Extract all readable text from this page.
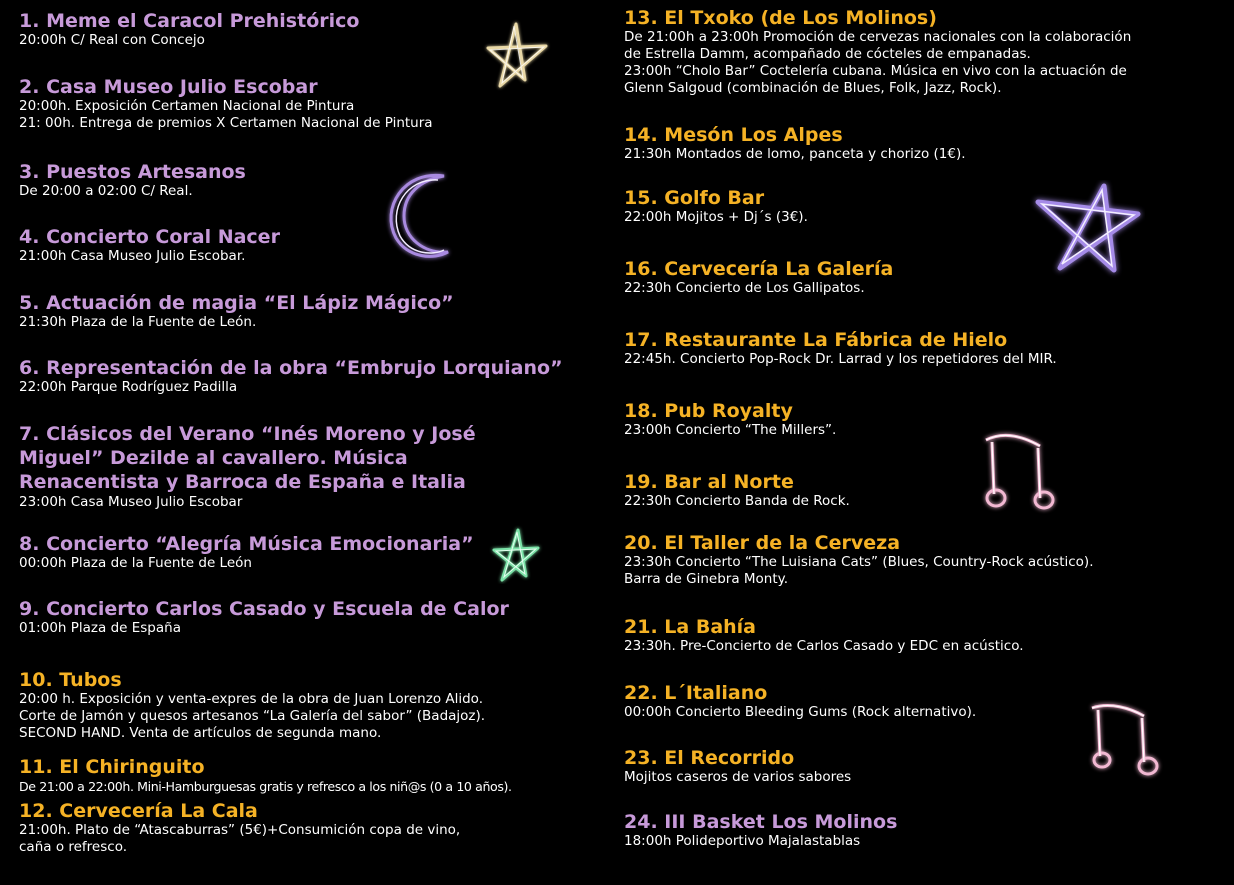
1. Meme el Caracol Prehistórico
20:00h C/ Real con Concejo
2. Casa Museo Julio Escobar
20:00h. Exposición Certamen Nacional de Pintura
21: 00h. Entrega de premios X Certamen Nacional de Pintura
3. Puestos Artesanos
De 20:00 a 02:00 C/ Real.
4. Concierto Coral Nacer
21:00h Casa Museo Julio Escobar.
5. Actuación de magia “El Lápiz Mágico”
21:30h Plaza de la Fuente de León.
6. Representación de la obra “Embrujo Lorquiano”
22:00h Parque Rodríguez Padilla
7. Clásicos del Verano “Inés Moreno y José Miguel” Dezilde al cavallero. Música Renacentista y Barroca de España e Italia
23:00h Casa Museo Julio Escobar
8. Concierto “Alegría Música Emocionaria”
00:00h Plaza de la Fuente de León
9. Concierto Carlos Casado y Escuela de Calor
01:00h Plaza de España
10. Tubos
20:00 h. Exposición y venta-expres de la obra de Juan Lorenzo Alido.
Corte de Jamón y quesos artesanos “La Galería del sabor” (Badajoz).
SECOND HAND. Venta de artículos de segunda mano.
11. El Chiringuito
De 21:00 a 22:00h. Mini-Hamburguesas gratis y refresco a los niñ@s (0 a 10 años).
12. Cervecería La Cala
21:00h. Plato de “Atascaburras” (5€)+Consumición copa de vino,
caña o refresco.
13. El Txoko (de Los Molinos)
De 21:00h a 23:00h Promoción de cervezas nacionales con la colaboración
de Estrella Damm, acompañado de cócteles de empanadas.
23:00h “Cholo Bar” Coctelería cubana. Música en vivo con la actuación de
Glenn Salgoud (combinación de Blues, Folk, Jazz, Rock).
14. Mesón Los Alpes
21:30h Montados de lomo, panceta y chorizo (1€).
15. Golfo Bar
22:00h Mojitos + Dj´s (3€).
16. Cervecería La Galería
22:30h Concierto de Los Gallipatos.
17. Restaurante La Fábrica de Hielo
22:45h. Concierto Pop-Rock Dr. Larrad y los repetidores del MIR.
18. Pub Royalty
23:00h Concierto “The Millers”.
19. Bar al Norte
22:30h Concierto Banda de Rock.
20. El Taller de la Cerveza
23:30h Concierto “The Luisiana Cats” (Blues, Country-Rock acústico).
Barra de Ginebra Monty.
21. La Bahía
23:30h. Pre-Concierto de Carlos Casado y EDC en acústico.
22. L´Italiano
00:00h Concierto Bleeding Gums (Rock alternativo).
23. El Recorrido
Mojitos caseros de varios sabores
24. III Basket Los Molinos
18:00h Polideportivo Majalastablas
